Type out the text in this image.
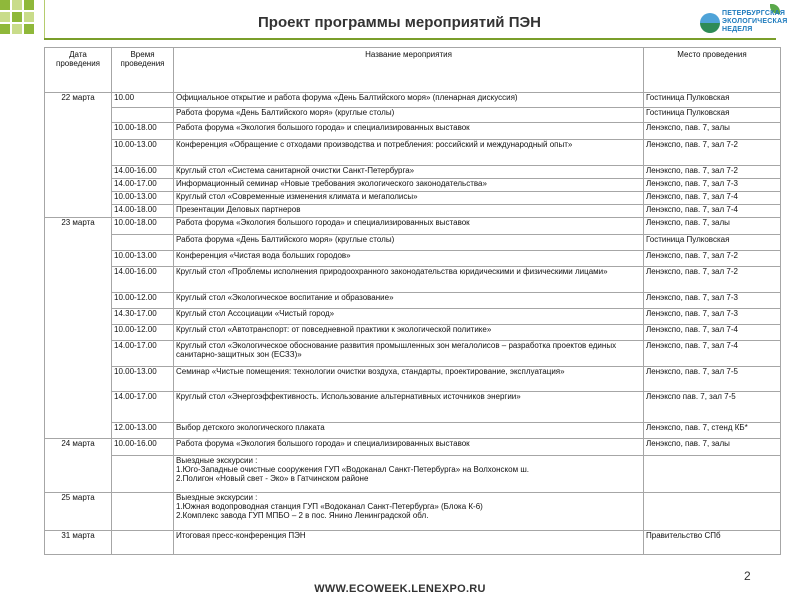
Проект программы мероприятий ПЭН
ПЕТЕРБУРГСКАЯ
ЭКОЛОГИЧЕСКАЯ
НЕДЕЛЯ
Дата проведения	Время проведения	Название мероприятия	Место проведения
22 марта	10.00	Официальное открытие и работа форума «День Балтийского моря» (пленарная дискуссия)	Гостиница Пулковская
		Работа форума «День Балтийского моря» (круглые столы)	Гостиница Пулковская
	10.00-18.00	Работа форума «Экология большого города» и специализированных выставок	Ленэкспо, пав. 7, залы
	10.00-13.00	Конференция «Обращение с отходами производства и потребления: российский и международный опыт»	Ленэкспо, пав. 7, зал 7-2
	14.00-16.00	Круглый стол «Система санитарной очистки Санкт-Петербурга»	Ленэкспо, пав. 7, зал 7-2
	14.00-17.00	Информационный семинар «Новые требования экологического законодательства»	Ленэкспо, пав. 7, зал 7-3
	10.00-13.00	Круглый стол «Современные изменения климата и мегаполисы»	Ленэкспо, пав. 7, зал 7-4
	14.00-18.00	Презентации Деловых партнеров	Ленэкспо, пав. 7, зал 7-4
23 марта	10.00-18.00	Работа форума «Экология большого города» и специализированных выставок	Ленэкспо, пав. 7, залы
		Работа форума «День Балтийского моря» (круглые столы)	Гостиница Пулковская
	10.00-13.00	Конференция «Чистая вода больших городов»	Ленэкспо, пав. 7, зал 7-2
	14.00-16.00	Круглый стол «Проблемы исполнения природоохранного законодательства юридическими и физическими лицами»	Ленэкспо, пав. 7, зал 7-2
	10.00-12.00	Круглый стол «Экологическое воспитание и образование»	Ленэкспо, пав. 7, зал 7-3
	14.30-17.00	Круглый стол Ассоциации «Чистый город»	Ленэкспо, пав. 7, зал 7-3
	10.00-12.00	Круглый стол «Автотранспорт: от повседневной практики к экологической политике»	Ленэкспо, пав. 7, зал 7-4
	14.00-17.00	Круглый стол «Экологическое обоснование развития промышленных зон мегалолисов – разработка проектов единых санитарно-защитных зон (ЕСЗЗ)»	Ленэкспо, пав. 7, зал 7-4
	10.00-13.00	Семинар «Чистые помещения: технологии очистки воздуха, стандарты, проектирование, эксплуатация»	Ленэкспо, пав. 7, зал 7-5
	14.00-17.00	Круглый стол «Энергоэффективность. Использование альтернативных источников энергии»	Ленэкспо пав. 7, зал 7-5
	12.00-13.00	Выбор детского экологического плаката	Ленэкспо, пав. 7, стенд КБ*
24 марта	10.00-16.00	Работа форума «Экология большого города» и специализированных выставок	Ленэкспо, пав. 7, залы
		Выездные экскурсии :
1.Юго-Западные очистные сооружения ГУП «Водоканал Санкт-Петербурга» на Волхонском ш.
2.Полигон «Новый свет - Эко» в Гатчинском районе	
25 марта		Выездные экскурсии :
1.Южная водопроводная станция ГУП «Водоканал Санкт-Петербурга» (Блока К-6)
2.Комплекс завода ГУП МПБО – 2 в пос. Янино Ленинградской обл.	
31 марта		Итоговая пресс-конференция ПЭН	Правительство СПб
2
WWW.ECOWEEK.LENEXPO.RU
